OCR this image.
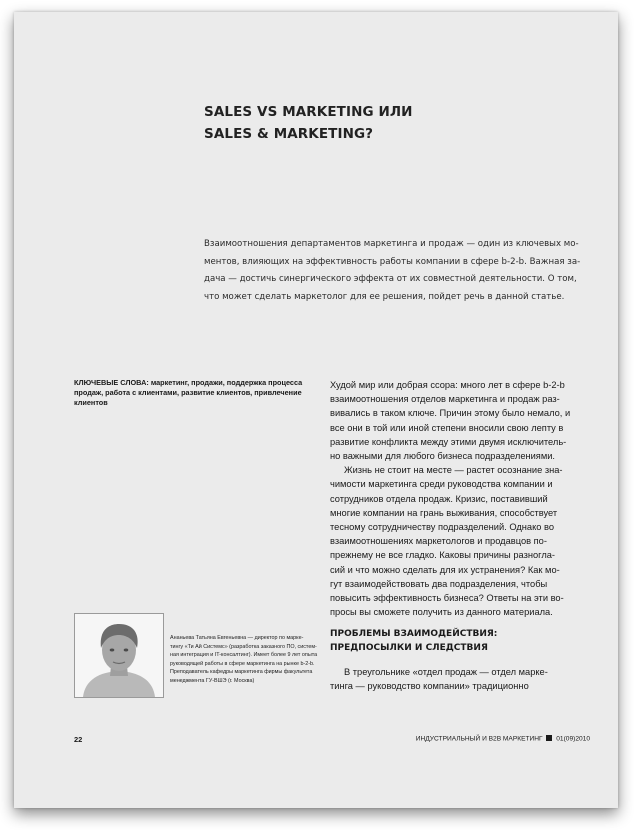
SALES VS MARKETING ИЛИ
SALES & MARKETING?
Взаимоотношения департаментов маркетинга и продаж — один из ключевых мо-
ментов, влияющих на эффективность работы компании в сфере b-2-b. Важная за-
дача — достичь синергического эффекта от их совместной деятельности. О том,
что может сделать маркетолог для ее решения, пойдет речь в данной статье.
КЛЮЧЕВЫЕ СЛОВА: маркетинг, продажи, поддержка процесса
продаж, работа с клиентами, развитие клиентов, привлечение
клиентов
Худой мир или добрая ссора: много лет в сфере b-2-b
взаимоотношения отделов маркетинга и продаж раз-
вивались в таком ключе. Причин этому было немало, и
все они в той или иной степени вносили свою лепту в
развитие конфликта между этими двумя исключитель-
но важными для любого бизнеса подразделениями.
Жизнь не стоит на месте — растет осознание зна-
чимости маркетинга среди руководства компании и
сотрудников отдела продаж. Кризис, поставивший
многие компании на грань выживания, способствует
тесному сотрудничеству подразделений. Однако во
взаимоотношениях маркетологов и продавцов по-
прежнему не все гладко. Каковы причины разногла-
сий и что можно сделать для их устранения? Как мо-
гут взаимодействовать два подразделения, чтобы
повысить эффективность бизнеса? Ответы на эти во-
просы вы сможете получить из данного материала.
ПРОБЛЕМЫ ВЗАИМОДЕЙСТВИЯ:
ПРЕДПОСЫЛКИ И СЛЕДСТВИЯ
В треугольнике «отдел продаж — отдел марке-
тинга — руководство компании» традиционно
Ананьева Татьяна Евгеньевна — директор по марке-
тингу «Ти Ай Системс» (разработка заказного ПО, систем-
ная интеграция и IT-консалтинг). Имеет более 9 лет опыта
руководящей работы в сфере маркетинга на рынке b-2-b.
Преподаватель кафедры маркетинга фирмы факультета
менеджмента ГУ-ВШЭ (г. Москва)
22	ИНДУСТРИАЛЬНЫЙ И B2B МАРКЕТИНГ 01(09)2010
